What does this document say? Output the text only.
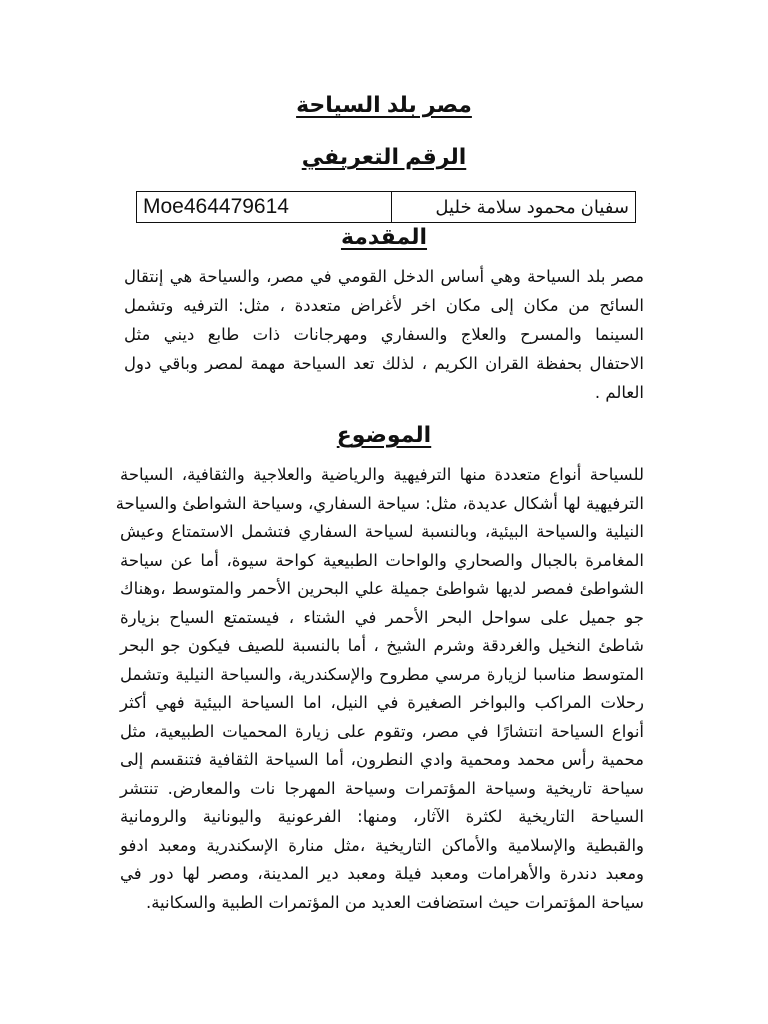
مصر بلد السياحة
الرقم التعريفي
Moe464479614	سفيان محمود سلامة خليل
المقدمة
مصر بلد السياحة وهي أساس الدخل القومي في مصر، والسياحة هي إنتقال
السائح من مكان إلى مكان اخر لأغراض متعددة ، مثل: الترفيه وتشمل
السينما والمسرح والعلاج والسفاري ومهرجانات ذات طابع ديني مثل
الاحتفال بحفظة القران الكريم ، لذلك تعد السياحة مهمة لمصر وباقي دول
العالم .
الموضوع
للسياحة أنواع متعددة منها الترفيهية والرياضية والعلاجية والثقافية، السياحة
الترفيهية لها أشكال عديدة، مثل: سياحة السفاري، وسياحة الشواطئ والسياحة
النيلية والسياحة البيئية، وبالنسبة لسياحة السفاري فتشمل الاستمتاع وعيش
المغامرة بالجبال والصحاري والواحات الطبيعية كواحة سيوة، أما عن سياحة
الشواطئ فمصر لديها شواطئ جميلة علي البحرين الأحمر والمتوسط ،وهناك
جو جميل على سواحل البحر الأحمر في الشتاء ، فيستمتع السياح بزيارة
شاطئ النخيل والغردقة وشرم الشيخ ، أما بالنسبة للصيف فيكون جو البحر
المتوسط مناسبا لزيارة مرسي مطروح والإسكندرية، والسياحة النيلية وتشمل
رحلات المراكب والبواخر الصغيرة في النيل، اما السياحة البيئية فهي أكثر
أنواع السياحة انتشارًا في مصر، وتقوم على زيارة المحميات الطبيعية، مثل
محمية رأس محمد ومحمية وادي النطرون، أما السياحة الثقافية فتنقسم إلى
سياحة تاريخية وسياحة المؤتمرات وسياحة المهرجا نات والمعارض. تنتشر
السياحة التاريخية لكثرة الآثار، ومنها: الفرعونية واليونانية والرومانية
والقبطية والإسلامية والأماكن التاريخية ،مثل منارة الإسكندرية ومعبد ادفو
ومعبد دندرة والأهرامات ومعبد فيلة ومعبد دير المدينة، ومصر لها دور في
سياحة المؤتمرات حيث استضافت العديد من المؤتمرات الطبية والسكانية.
